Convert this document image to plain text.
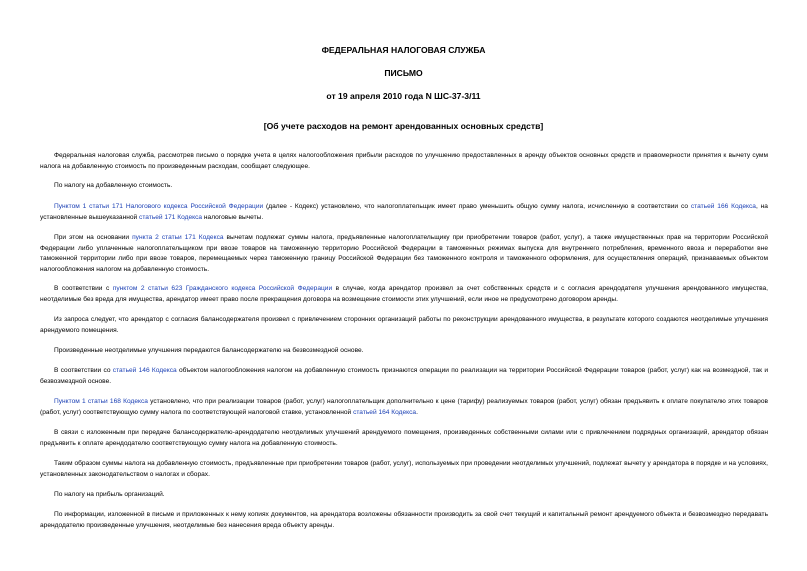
ФЕДЕРАЛЬНАЯ НАЛОГОВАЯ СЛУЖБА
ПИСЬМО
от 19 апреля 2010 года N ШС-37-3/11
[Об учете расходов на ремонт арендованных основных средств]
Федеральная налоговая служба, рассмотрев письмо о порядке учета в целях налогообложения прибыли расходов по улучшению предоставленных в аренду объектов основных средств и правомерности принятия к вычету сумм налога на добавленную стоимость по произведенным расходам, сообщает следующее.
По налогу на добавленную стоимость.
Пунктом 1 статьи 171 Налогового кодекса Российской Федерации (далее - Кодекс) установлено, что налогоплательщик имеет право уменьшить общую сумму налога, исчисленную в соответствии со статьей 166 Кодекса, на установленные вышеуказанной статьей 171 Кодекса налоговые вычеты.
При этом на основании пункта 2 статьи 171 Кодекса вычетам подлежат суммы налога, предъявленные налогоплательщику при приобретении товаров (работ, услуг), а также имущественных прав на территории Российской Федерации либо уплаченные налогоплательщиком при ввозе товаров на таможенную территорию Российской Федерации в таможенных режимах выпуска для внутреннего потребления, временного ввоза и переработки вне таможенной территории либо при ввозе товаров, перемещаемых через таможенную границу Российской Федерации без таможенного контроля и таможенного оформления, для осуществления операций, признаваемых объектом налогообложения налогом на добавленную стоимость.
В соответствии с пунктом 2 статьи 623 Гражданского кодекса Российской Федерации в случае, когда арендатор произвел за счет собственных средств и с согласия арендодателя улучшения арендованного имущества, неотделимые без вреда для имущества, арендатор имеет право после прекращения договора на возмещение стоимости этих улучшений, если иное не предусмотрено договором аренды.
Из запроса следует, что арендатор с согласия балансодержателя произвел с привлечением сторонних организаций работы по реконструкции арендованного имущества, в результате которого создаются неотделимые улучшения арендуемого помещения.
Произведенные неотделимые улучшения передаются балансодержателю на безвозмездной основе.
В соответствии со статьей 146 Кодекса объектом налогообложения налогом на добавленную стоимость признаются операции по реализации на территории Российской Федерации товаров (работ, услуг) как на возмездной, так и безвозмездной основе.
Пунктом 1 статьи 168 Кодекса установлено, что при реализации товаров (работ, услуг) налогоплательщик дополнительно к цене (тарифу) реализуемых товаров (работ, услуг) обязан предъявить к оплате покупателю этих товаров (работ, услуг) соответствующую сумму налога по соответствующей налоговой ставке, установленной статьей 164 Кодекса.
В связи с изложенным при передаче балансодержателю-арендодателю неотделимых улучшений арендуемого помещения, произведенных собственными силами или с привлечением подрядных организаций, арендатор обязан предъявить к оплате арендодателю соответствующую сумму налога на добавленную стоимость.
Таким образом суммы налога на добавленную стоимость, предъявленные при приобретении товаров (работ, услуг), используемых при проведении неотделимых улучшений, подлежат вычету у арендатора в порядке и на условиях, установленных законодательством о налогах и сборах.
По налогу на прибыль организаций.
По информации, изложенной в письме и приложенных к нему копиях документов, на арендатора возложены обязанности производить за свой счет текущий и капитальный ремонт арендуемого объекта и безвозмездно передавать арендодателю произведенные улучшения, неотделимые без нанесения вреда объекту аренды.
